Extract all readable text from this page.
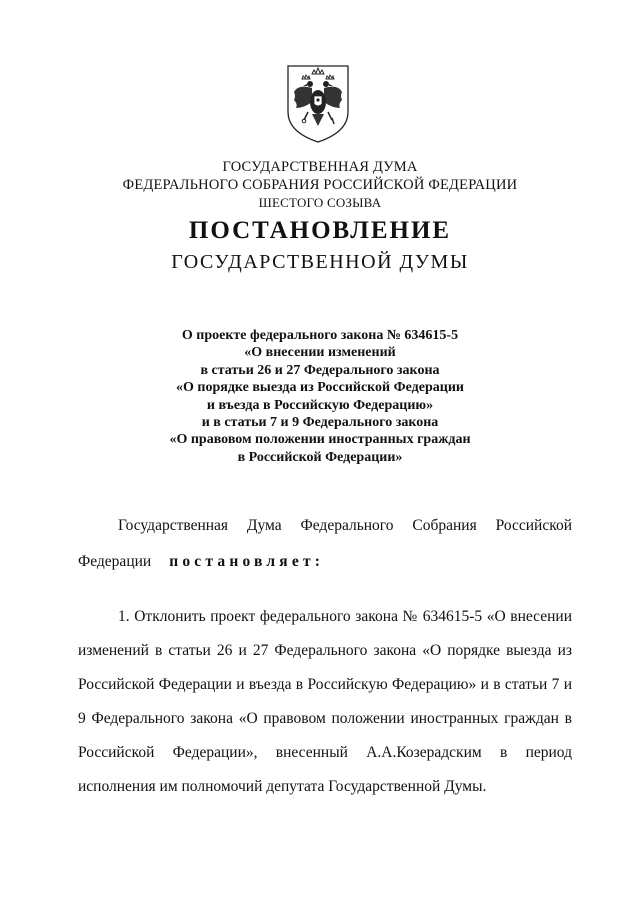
ГОСУДАРСТВЕННАЯ ДУМА
ФЕДЕРАЛЬНОГО СОБРАНИЯ РОССИЙСКОЙ ФЕДЕРАЦИИ
ШЕСТОГО СОЗЫВА
ПОСТАНОВЛЕНИЕ
ГОСУДАРСТВЕННОЙ ДУМЫ
О проекте федерального закона № 634615-5
«О внесении изменений
в статьи 26 и 27 Федерального закона
«О порядке выезда из Российской Федерации
и въезда в Российскую Федерацию»
и в статьи 7 и 9 Федерального закона
«О правовом положении иностранных граждан
в Российской Федерации»
Государственная Дума Федерального Собрания Российской
Федерации постановляет:
1. Отклонить проект федерального закона № 634615-5 «О внесении
изменений в статьи 26 и 27 Федерального закона «О порядке выезда из
Российской Федерации и въезда в Российскую Федерацию» и в статьи 7 и
9 Федерального закона «О правовом положении иностранных граждан в
Российской Федерации», внесенный А.А.Козерадским в период
исполнения им полномочий депутата Государственной Думы.
